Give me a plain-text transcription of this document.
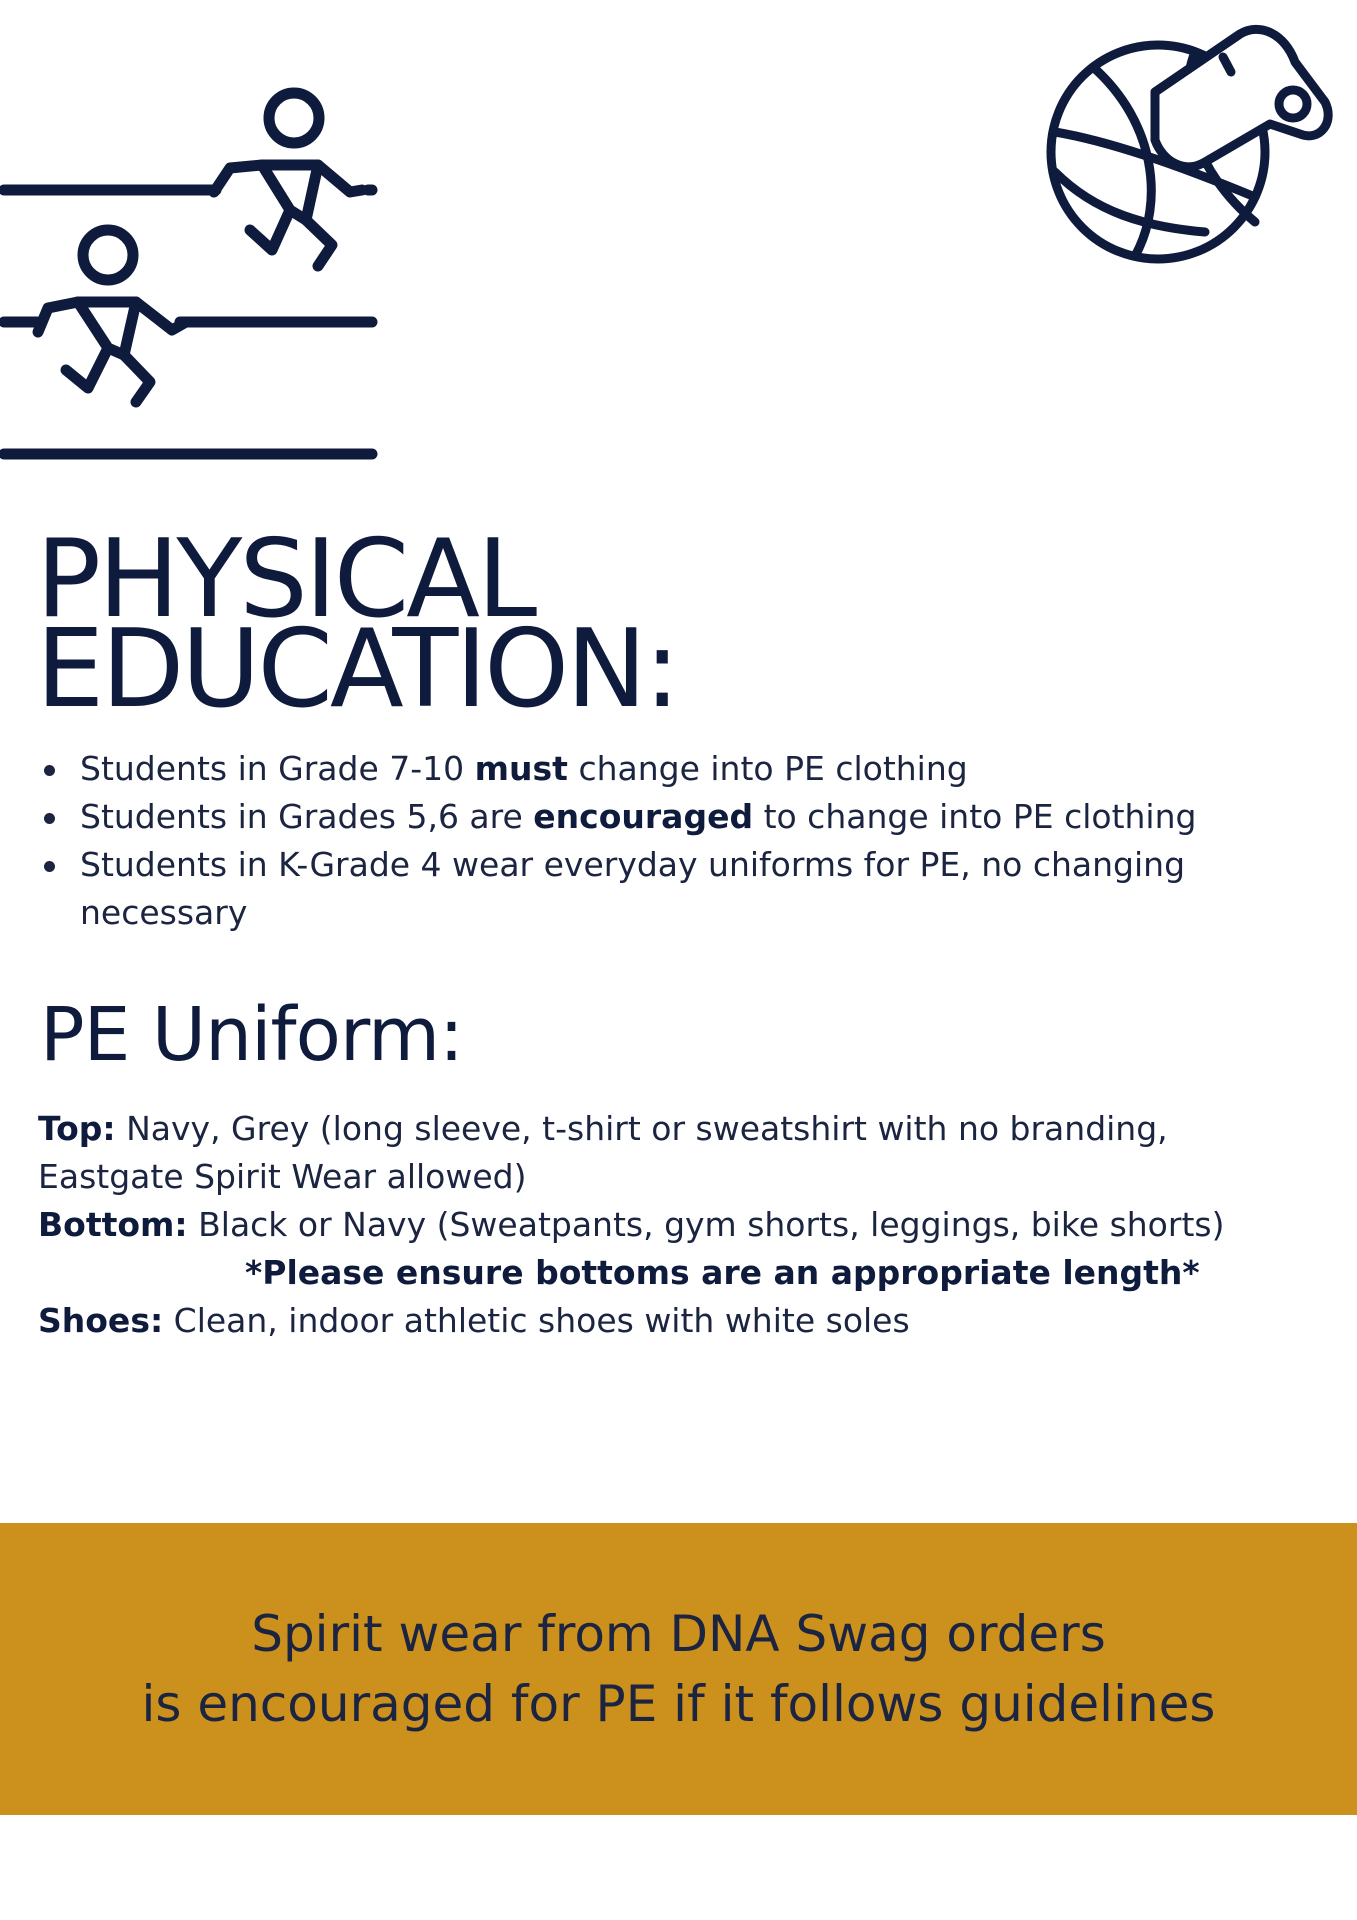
PHYSICAL
EDUCATION:
Students in Grade 7-10 must change into PE clothing
Students in Grades 5,6 are encouraged to change into PE clothing
Students in K-Grade 4 wear everyday uniforms for PE, no changing necessary
PE Uniform:

Top: Navy, Grey (long sleeve, t-shirt or sweatshirt with no branding, Eastgate Spirit Wear allowed)

Bottom: Black or Navy (Sweatpants, gym shorts, leggings, bike shorts)

*Please ensure bottoms are an appropriate length*

Shoes: Clean, indoor athletic shoes with white soles

Spirit wear from DNA Swag orders

is encouraged for PE if it follows guidelines
